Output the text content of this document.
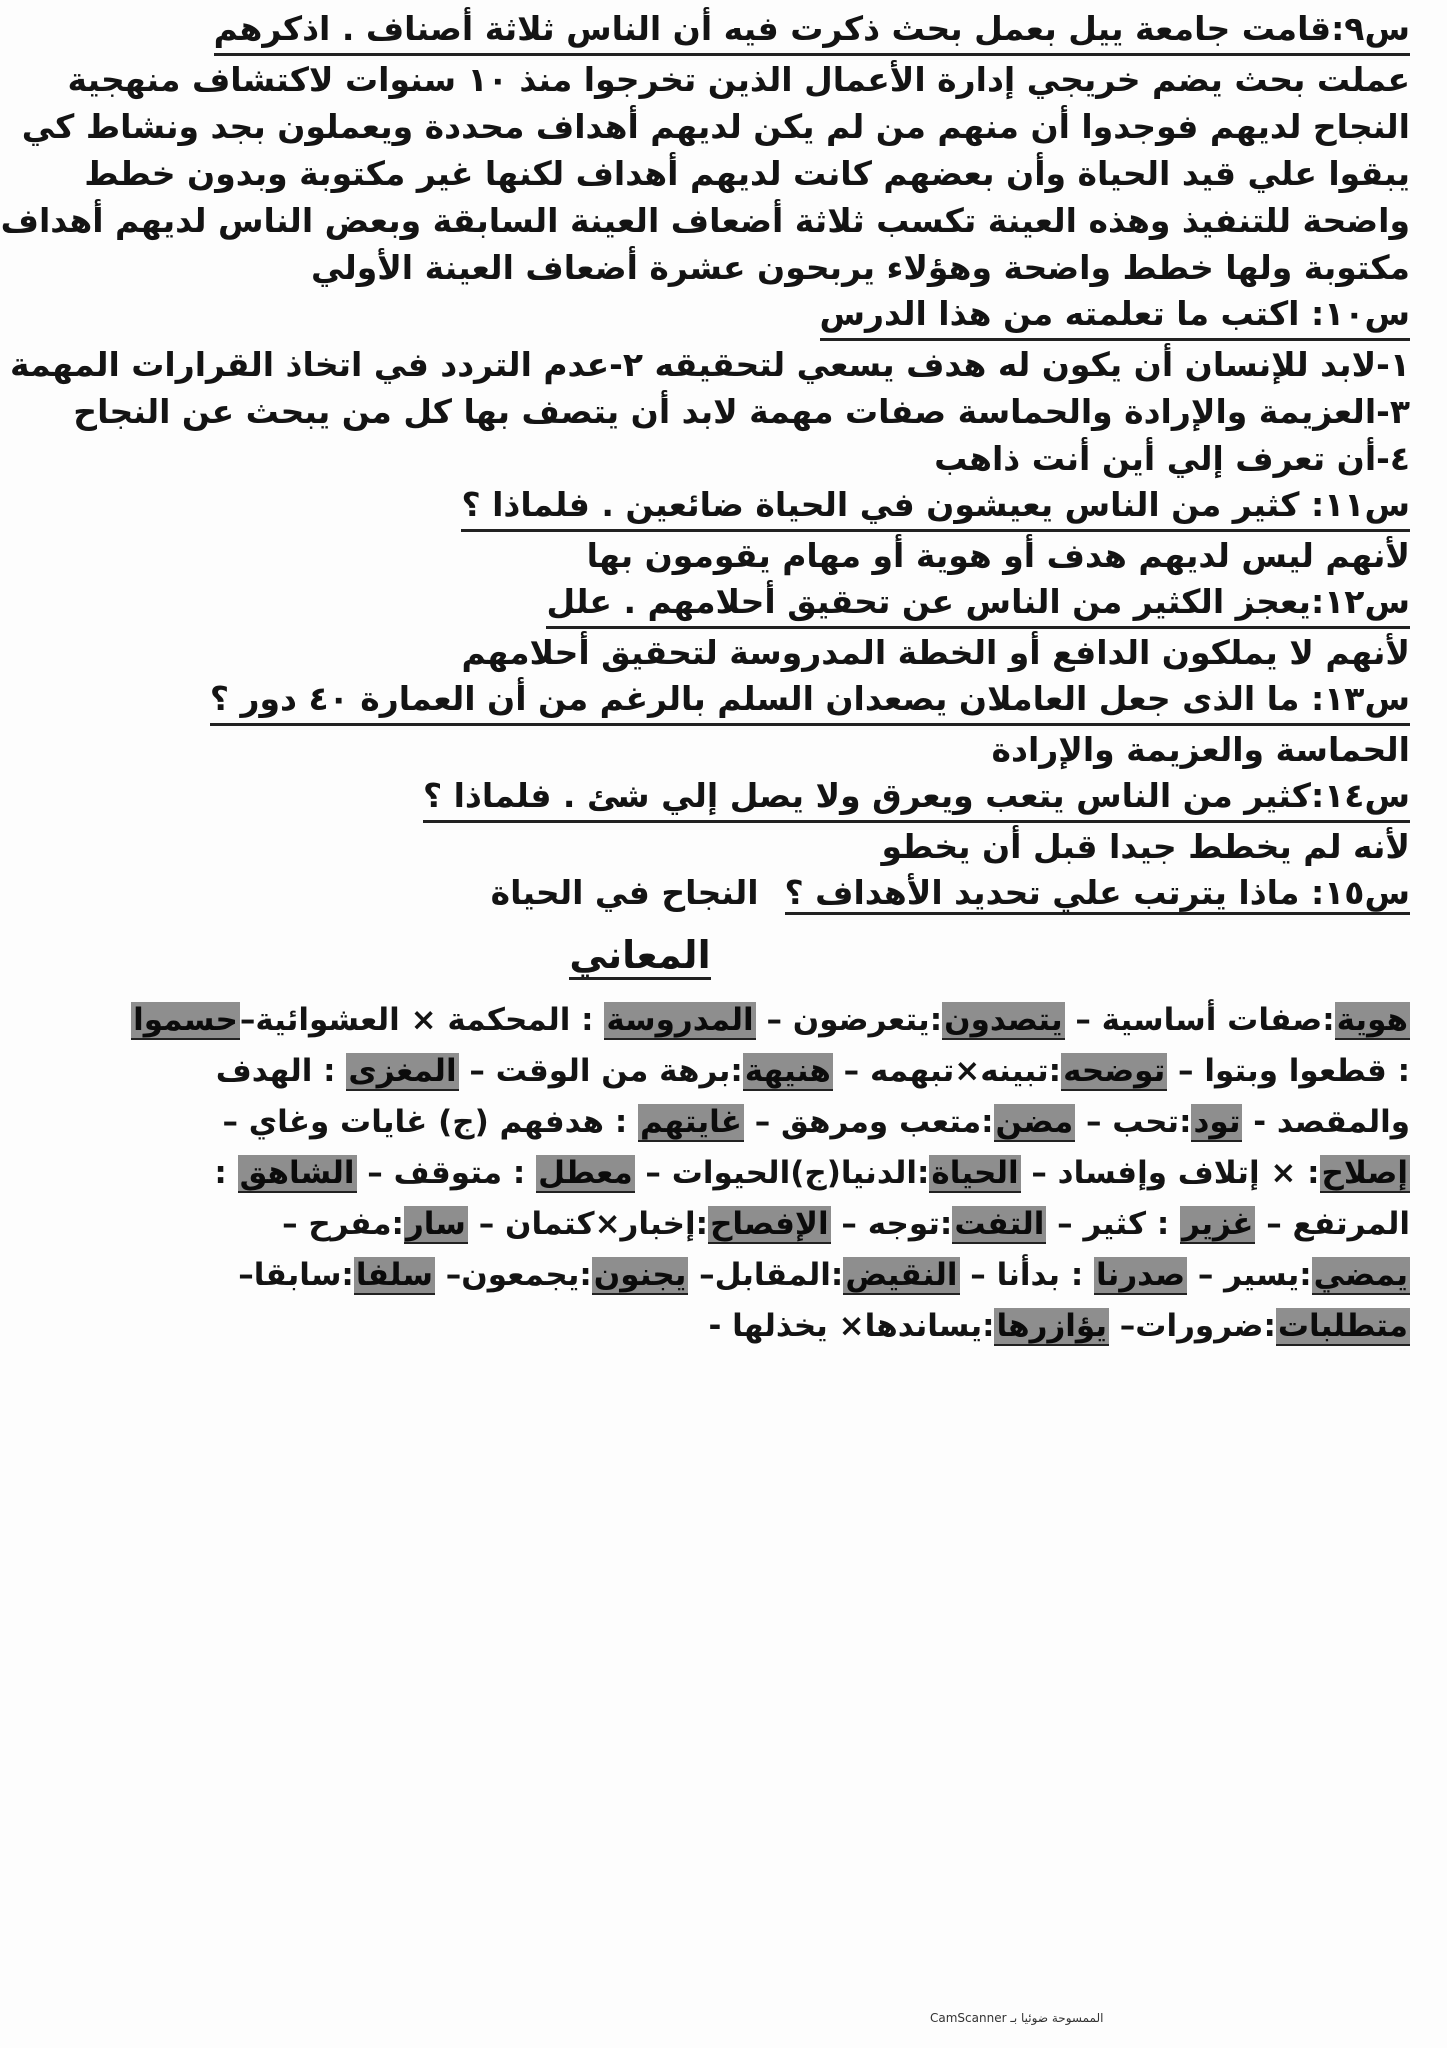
س٩:قامت جامعة ييل بعمل بحث ذكرت فيه أن الناس ثلاثة أصناف . اذكرهم
عملت بحث يضم خريجي إدارة الأعمال الذين تخرجوا منذ ١٠ سنوات لاكتشاف منهجية
النجاح لديهم فوجدوا أن منهم من لم يكن لديهم أهداف محددة ويعملون بجد ونشاط كي
يبقوا علي قيد الحياة وأن بعضهم كانت لديهم أهداف لكنها غير مكتوبة وبدون خطط
واضحة للتنفيذ وهذه العينة تكسب ثلاثة أضعاف العينة السابقة وبعض الناس لديهم أهداف
مكتوبة ولها خطط واضحة وهؤلاء يربحون عشرة أضعاف العينة الأولي
س١٠: اكتب ما تعلمته من هذا الدرس
١-لابد للإنسان أن يكون له هدف يسعي لتحقيقه ٢-عدم التردد في اتخاذ القرارات المهمة
٣-العزيمة والإرادة والحماسة صفات مهمة لابد أن يتصف بها كل من يبحث عن النجاح
٤-أن تعرف إلي أين أنت ذاهب
س١١: كثير من الناس يعيشون في الحياة ضائعين . فلماذا ؟
لأنهم ليس لديهم هدف أو هوية أو مهام يقومون بها
س١٢:يعجز الكثير من الناس عن تحقيق أحلامهم . علل
لأنهم لا يملكون الدافع أو الخطة المدروسة لتحقيق أحلامهم
س١٣: ما الذى جعل العاملان يصعدان السلم بالرغم من أن العمارة ٤٠ دور ؟
الحماسة والعزيمة والإرادة
س١٤:كثير من الناس يتعب ويعرق ولا يصل إلي شئ . فلماذا ؟
لأنه لم يخطط جيدا قبل أن يخطو
س١٥: ماذا يترتب علي تحديد الأهداف ؟النجاح في الحياة
المعاني
هوية:صفات أساسية – يتصدون:يتعرضون – المدروسة : المحكمة × العشوائية–حسموا
: قطعوا وبتوا – توضحه:تبينه×تبهمه – هنيهة:برهة من الوقت – المغزى : الهدف
والمقصد - تود:تحب – مضن:متعب ومرهق – غايتهم : هدفهم (ج) غايات وغاي –
إصلاح: × إتلاف وإفساد – الحياة:الدنيا(ج)الحيوات – معطل : متوقف – الشاهق :
المرتفع – غزير : كثير – التفت:توجه – الإفصاح:إخبار×كتمان – سار:مفرح –
يمضي:يسير – صدرنا : بدأنا – النقيض:المقابل– يجنون:يجمعون– سلفا:سابقا–
متطلبات:ضرورات– يؤازرها:يساندها× يخذلها -
الممسوحة ضوئيا بـ CamScanner
